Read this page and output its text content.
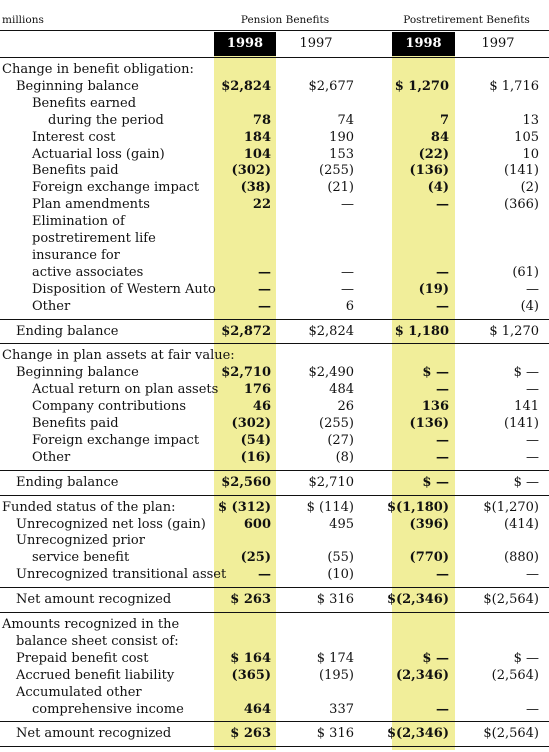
millions	Pension Benefits	Postretirement Benefits
1998	1997	1998	1997
Change in benefit obligation:
Beginning balance	$2,824	$2,677	$ 1,270	$ 1,716
Benefits earned
during the period	78	74	7	13
Interest cost	184	190	84	105
Actuarial loss (gain)	104	153	(22)	10
Benefits paid	(302)	(255)	(136)	(141)
Foreign exchange impact	(38)	(21)	(4)	(2)
Plan amendments	22	—	—	(366)
Elimination of
postretirement life
insurance for
active associates	—	—	—	(61)
Disposition of Western Auto	—	—	(19)	—
Other	—	6	—	(4)
Ending balance	$2,872	$2,824	$ 1,180	$ 1,270
Change in plan assets at fair value:
Beginning balance	$2,710	$2,490	$ —	$ —
Actual return on plan assets	176	484	—	—
Company contributions	46	26	136	141
Benefits paid	(302)	(255)	(136)	(141)
Foreign exchange impact	(54)	(27)	—	—
Other	(16)	(8)	—	—
Ending balance	$2,560	$2,710	$ —	$ —
Funded status of the plan:	$ (312)	$ (114)	$(1,180)	$(1,270)
Unrecognized net loss (gain)	600	495	(396)	(414)
Unrecognized prior
service benefit	(25)	(55)	(770)	(880)
Unrecognized transitional asset	—	(10)	—	—
Net amount recognized	$ 263	$ 316	$(2,346)	$(2,564)
Amounts recognized in the
balance sheet consist of:
Prepaid benefit cost	$ 164	$ 174	$ —	$ —
Accrued benefit liability	(365)	(195)	(2,346)	(2,564)
Accumulated other
comprehensive income	464	337	—	—
Net amount recognized	$ 263	$ 316	$(2,346)	$(2,564)
